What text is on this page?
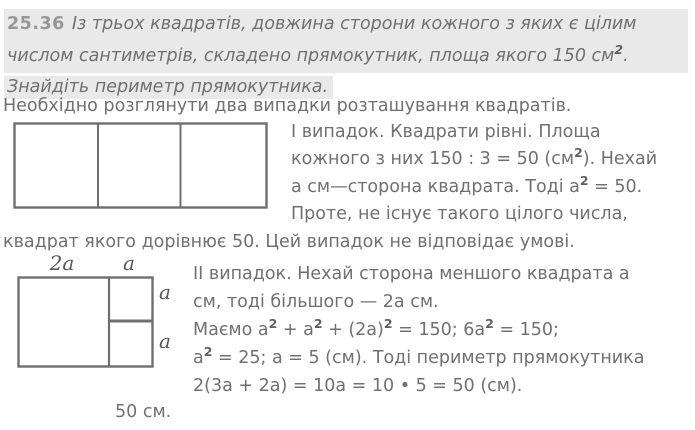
25.36 Із трьох квадратів, довжина сторони кожного з яких є цілим
числом сантиметрів, складено прямокутник, площа якого 150 $см^2$.
Знайдіть периметр прямокутника.
Необхідно розглянути два випадки розташування квадратів.
І випадок. Квадрати рівні. Площа
кожного з них 150 : 3 = 50 $(см^2)$. Нехай
а см—сторона квадрата. Тоді $а^2 = 50$.
Проте, не існує такого цілого числа,
квадрат якого дорівнює 50. Цей випадок не відповідає умові.
2a	a
a
a
ІІ випадок. Нехай сторона меншого квадрата а
см, тоді більшого — 2а см.
Маємо $а^2 + а^2 + (2а)^2 = 150$; $6а^2 = 150$;
$а^2 = 25$; а = 5 (см). Тоді периметр прямокутника
2(3а + 2а) = 10а = 10 • 5 = 50 (см).
50 см.
